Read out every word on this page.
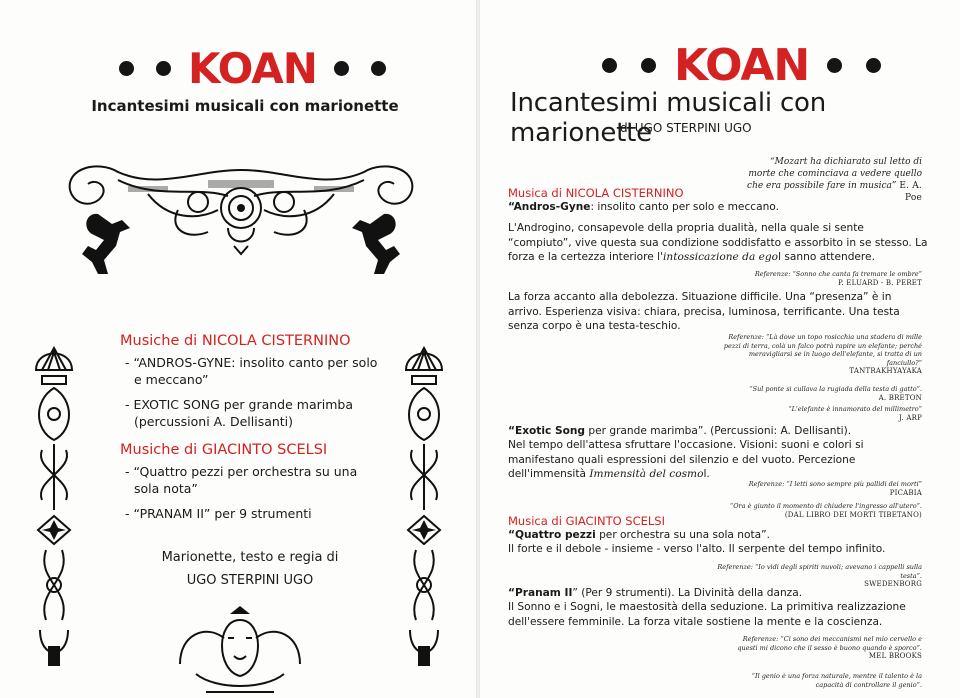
KOAN
Incantesimi musicali con marionette
Musiche di NICOLA CISTERNINO
- “ANDROS-GYNE: insolito canto per solo e meccano”
- EXOTIC SONG per grande marimba (percussioni A. Dellisanti)
Musiche di GIACINTO SCELSI
- “Quattro pezzi per orchestra su una sola nota”
- “PRANAM II” per 9 strumenti
Marionette, testo e regia di
UGO STERPINI UGO
KOAN
Incantesimi musicali con marionette
di UGO STERPINI UGO
“Mozart ha dichiarato sul letto di morte che cominciava a vedere quello che era possibile fare in musica” E. A. Poe
Musica di NICOLA CISTERNINO
“Andros-Gyne: insolito canto per solo e meccano.
L'Androgino, consapevole della propria dualità, nella quale si sente “compiuto”, vive questa sua condizione soddisfatto e assorbito in se stesso. La forza e la certezza interiore l'intossicazione da egol sanno attendere.
Referenze: “Sonno che canta fa tremare le ombre”
P. ELUARD - B. PERET
La forza accanto alla debolezza. Situazione difficile. Una “presenza” è in arrivo. Esperienza visiva: chiara, precisa, luminosa, terrificante. Una testa senza corpo è una testa-teschio.
Referenze: “Là dove un topo rosicchia una stadera di mille pezzi di terra, colà un falco potrà rapire un elefante; perché meravigliarsi se in luogo dell'elefante, si tratta di un fanciullo?”
TANTRAKHYAYAKA
“Sul ponte si cullava la rugiada della testa di gatto”.
A. BRETON
“L'elefante è innamorato del millimetro”
J. ARP
“Exotic Song per grande marimba”. (Percussioni: A. Dellisanti).
Nel tempo dell'attesa sfruttare l'occasione. Visioni: suoni e colori si manifestano quali espressioni del silenzio e del vuoto. Percezione dell'immensità Immensità del cosmol.
Referenze: “I letti sono sempre più pallidi dei morti”
PICABIA
“Ora è giunto il momento di chiudere l'ingresso all'utero”.
(DAL LIBRO DEI MORTI TIBETANO)
Musica di GIACINTO SCELSI
“Quattro pezzi per orchestra su una sola nota”.
Il forte e il debole - insieme - verso l'alto. Il serpente del tempo infinito.
Referenze: “Io vidi degli spiriti nuvoli; avevano i cappelli sulla testa”.
SWEDENBORG
“Pranam II” (Per 9 strumenti). La Divinità della danza.
Il Sonno e i Sogni, le maestosità della seduzione. La primitiva realizzazione dell'essere femminile. La forza vitale sostiene la mente e la coscienza.
Referenze: “Ci sono dei meccanismi nel mio cervello e questi mi dicono che il sesso è buono quando è sporco”.
MEL BROOKS
“Il genio è una forza naturale, mentre il talento è la capacità di controllare il genio”.
